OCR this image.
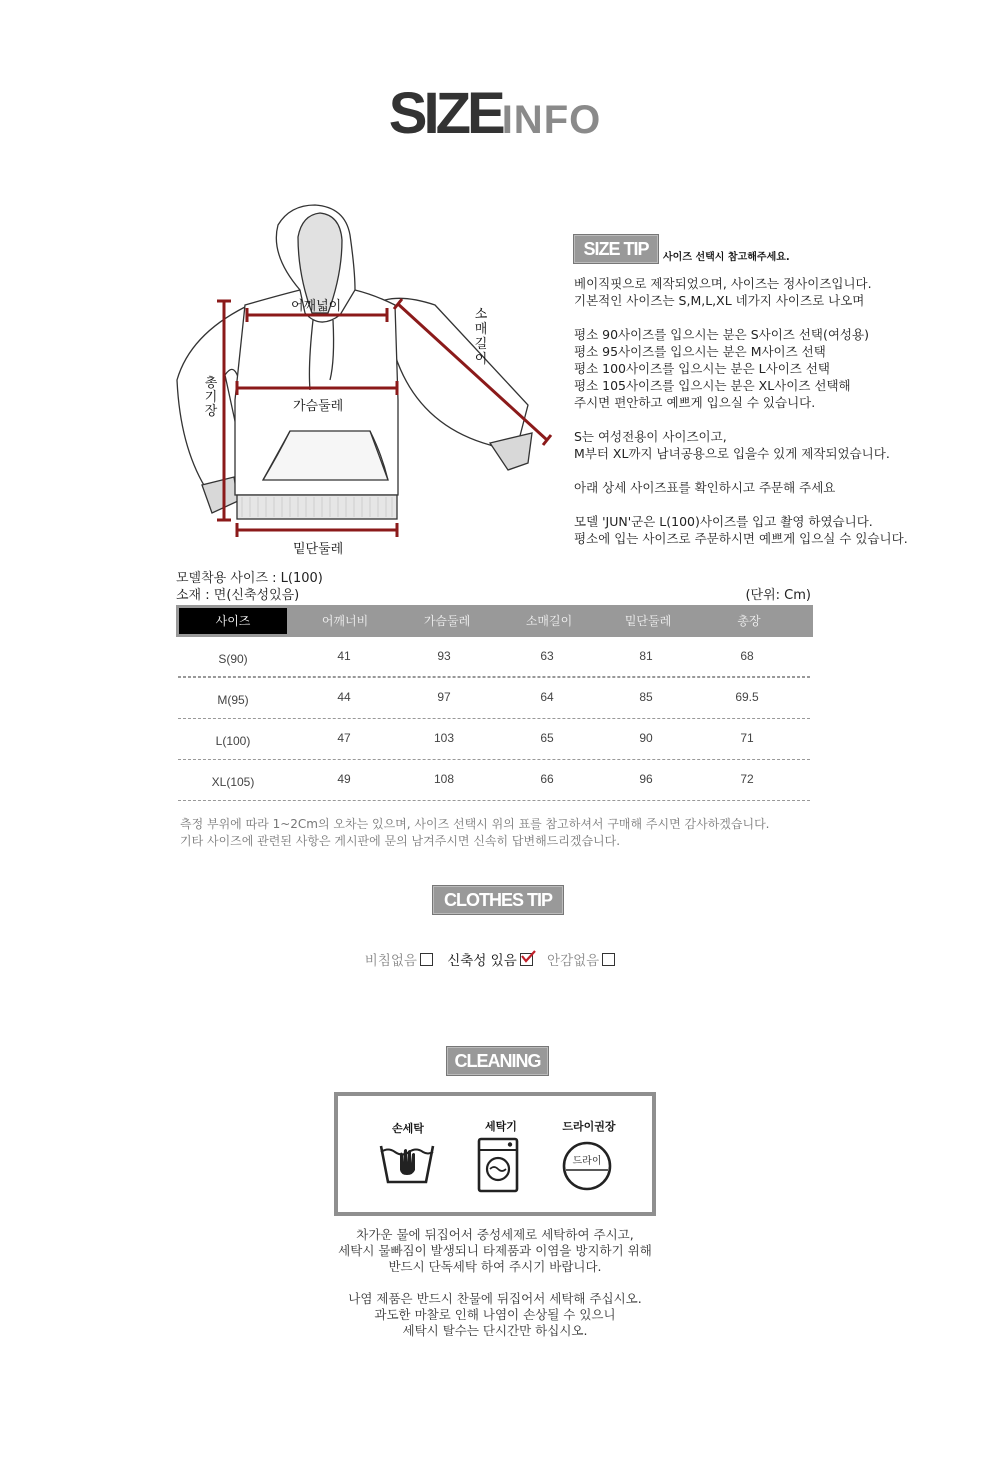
SIZEINFO
어깨넓이
가슴둘레
밑단둘레
총
기
장
소
매
길
이
SIZE TIP	사이즈 선택시 참고해주세요.
베이직핏으로 제작되었으며, 사이즈는 정사이즈입니다.
기본적인 사이즈는 S,M,L,XL 네가지 사이즈로 나오며
평소 90사이즈를 입으시는 분은 S사이즈 선택(여성용)
평소 95사이즈를 입으시는 분은 M사이즈 선택
평소 100사이즈를 입으시는 분은 L사이즈 선택
평소 105사이즈를 입으시는 분은 XL사이즈 선택해
주시면 편안하고 예쁘게 입으실 수 있습니다.
S는 여성전용이 사이즈이고,
M부터 XL까지 남녀공용으로 입을수 있게 제작되었습니다.
아래 상세 사이즈표를 확인하시고 주문해 주세요
모델 'JUN'군은 L(100)사이즈를 입고 촬영 하였습니다.
평소에 입는 사이즈로 주문하시면 예쁘게 입으실 수 있습니다.
모델착용 사이즈 : L(100)
소재 : 면(신축성있음)	(단위: Cm)
사이즈	어깨너비	가슴둘레	소매길이	밑단둘레	총장
S(90)	41	93	63	81	68
M(95)	44	97	64	85	69.5
L(100)	47	103	65	90	71
XL(105)	49	108	66	96	72
측정 부위에 따라 1~2Cm의 오차는 있으며, 사이즈 선택시 위의 표를 참고하셔서 구매해 주시면 감사하겠습니다.
기타 사이즈에 관련된 사항은 게시판에 문의 남겨주시면 신속히 답변해드리겠습니다.
CLOTHES TIP
비침없음 신축성 있음 안감없음
CLEANING
손세탁	세탁기	드라이권장
드라이
차가운 물에 뒤집어서 중성세제로 세탁하여 주시고,
세탁시 물빠짐이 발생되니 타제품과 이염을 방지하기 위해
반드시 단독세탁 하여 주시기 바랍니다.
나염 제품은 반드시 찬물에 뒤집어서 세탁해 주십시오.
과도한 마찰로 인해 나염이 손상될 수 있으니
세탁시 탈수는 단시간만 하십시오.
